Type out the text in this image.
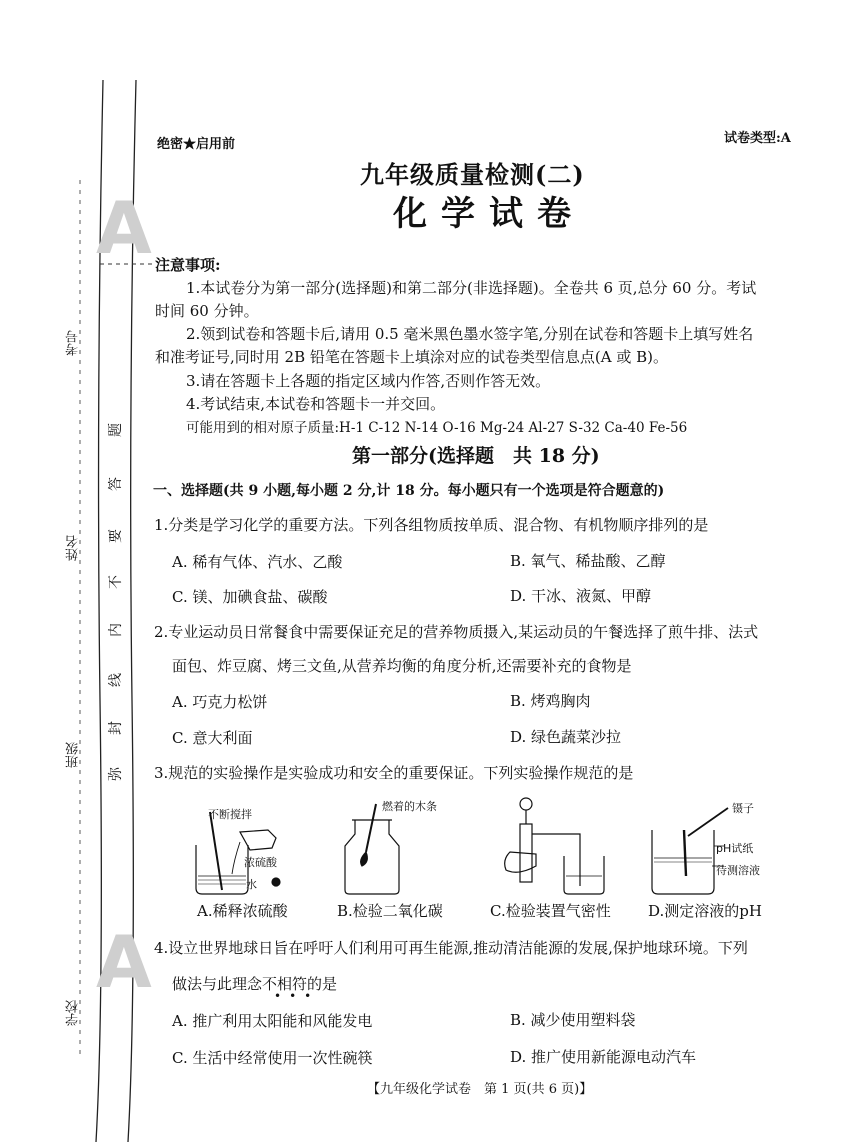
A
A
考号
姓名
班级
学校
题
答
要
不
内
线
封
弥
绝密★启用前	试卷类型:A
九年级质量检测(二)
化学试卷
注意事项:
1.本试卷分为第一部分(选择题)和第二部分(非选择题)。全卷共 6 页,总分 60 分。考试
时间 60 分钟。
2.领到试卷和答题卡后,请用 0.5 毫米黑色墨水签字笔,分别在试卷和答题卡上填写姓名
和准考证号,同时用 2B 铅笔在答题卡上填涂对应的试卷类型信息点(A 或 B)。
3.请在答题卡上各题的指定区域内作答,否则作答无效。
4.考试结束,本试卷和答题卡一并交回。
可能用到的相对原子质量:H-1 C-12 N-14 O-16 Mg-24 Al-27 S-32 Ca-40 Fe-56
第一部分(选择题　共 18 分)
一、选择题(共 9 小题,每小题 2 分,计 18 分。每小题只有一个选项是符合题意的)
1.分类是学习化学的重要方法。下列各组物质按单质、混合物、有机物顺序排列的是
A. 稀有气体、汽水、乙酸	B. 氧气、稀盐酸、乙醇
C. 镁、加碘食盐、碳酸	D. 干冰、液氮、甲醇
2.专业运动员日常餐食中需要保证充足的营养物质摄入,某运动员的午餐选择了煎牛排、法式
面包、炸豆腐、烤三文鱼,从营养均衡的角度分析,还需要补充的食物是
A. 巧克力松饼	B. 烤鸡胸肉
C. 意大利面	D. 绿色蔬菜沙拉
3.规范的实验操作是实验成功和安全的重要保证。下列实验操作规范的是
不断搅拌
浓硫酸
水
燃着的木条	镊子
pH试纸
待测溶液
A.稀释浓硫酸	B.检验二氧化碳	C.检验装置气密性 D.测定溶液的pH
4.设立世界地球日旨在呼吁人们利用可再生能源,推动清洁能源的发展,保护地球环境。下列
做法与此理念不相符的是
•••
A. 推广利用太阳能和风能发电	B. 减少使用塑料袋
C. 生活中经常使用一次性碗筷	D. 推广使用新能源电动汽车
【九年级化学试卷　第 1 页(共 6 页)】
